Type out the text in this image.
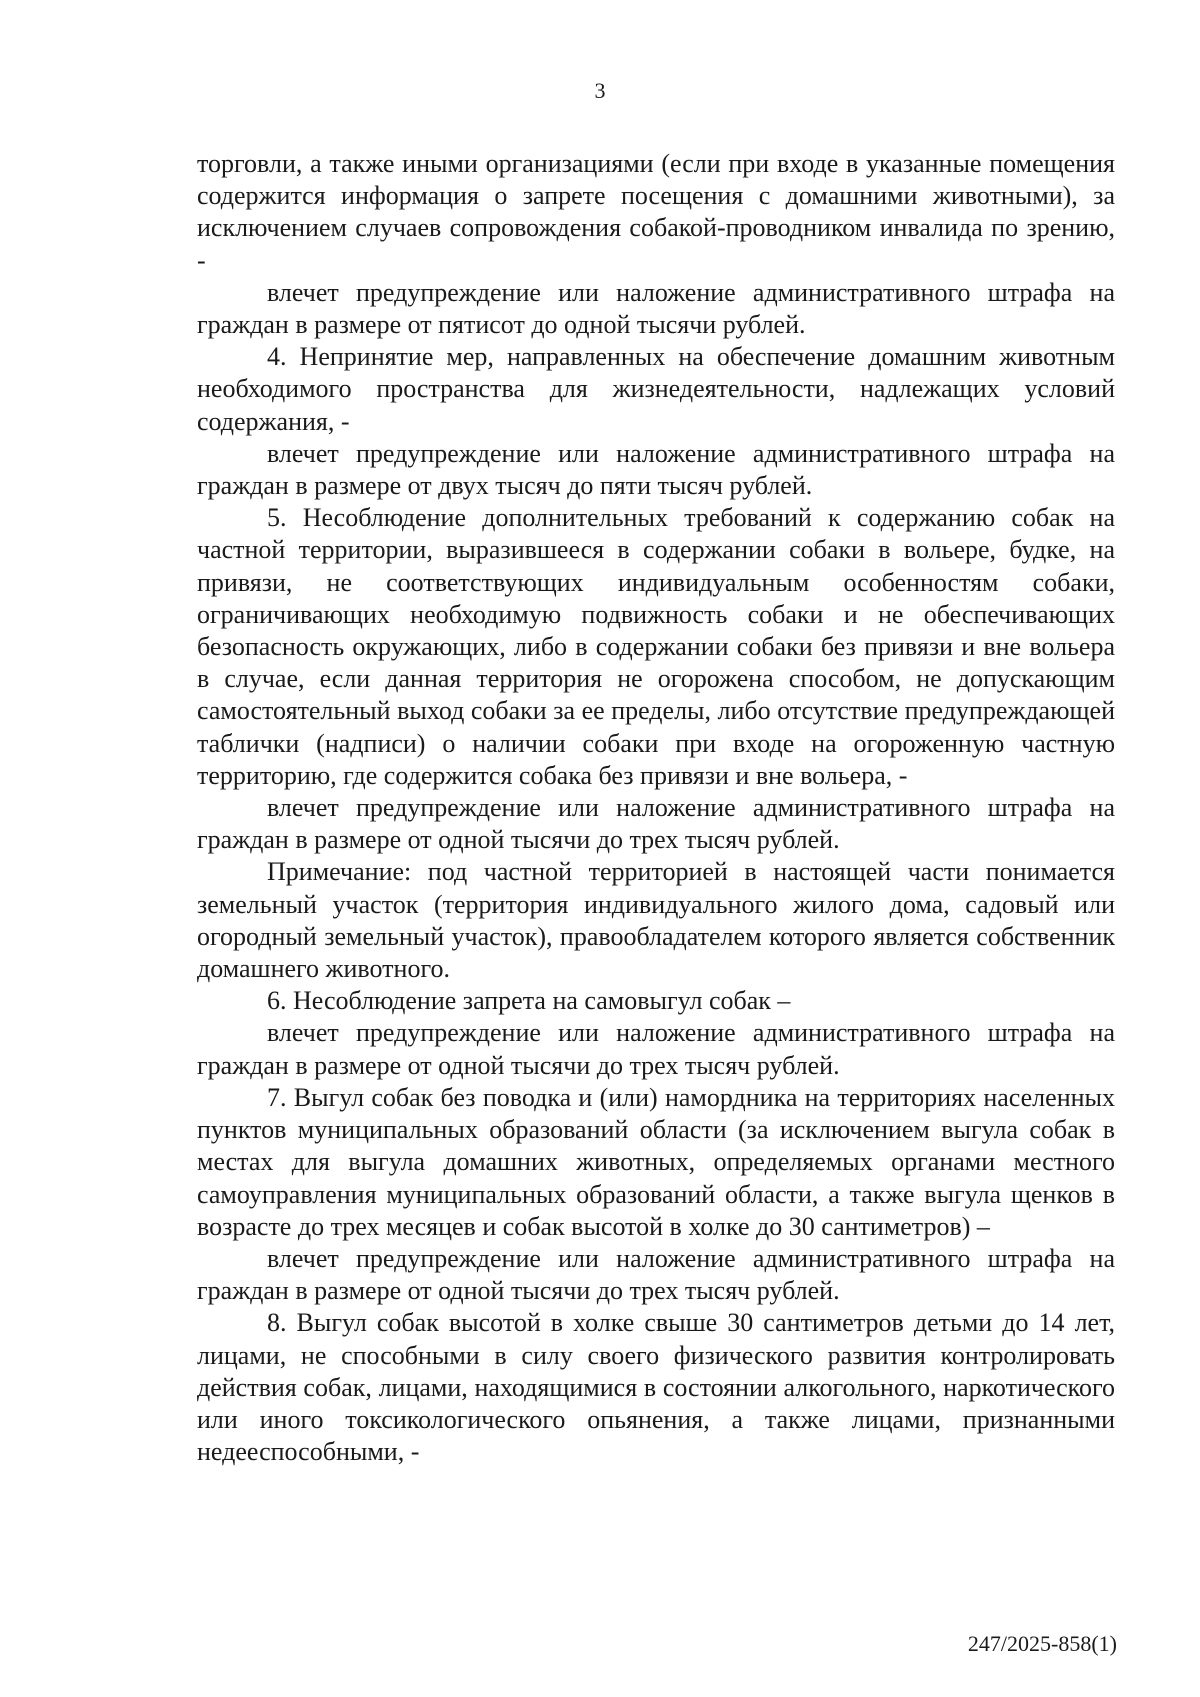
3

торговли, а также иными организациями (если при входе в указанные помещения содержится информация о запрете посещения с домашними животными), за исключением случаев сопровождения собакой-проводником инвалида по зрению, -

влечет предупреждение или наложение административного штрафа на граждан в размере от пятисот до одной тысячи рублей.

4. Непринятие мер, направленных на обеспечение домашним животным необходимого пространства для жизнедеятельности, надлежащих условий содержания, -

влечет предупреждение или наложение административного штрафа на граждан в размере от двух тысяч до пяти тысяч рублей.

5. Несоблюдение дополнительных требований к содержанию собак на частной территории, выразившееся в содержании собаки в вольере, будке, на привязи, не соответствующих индивидуальным особенностям собаки, ограничивающих необходимую подвижность собаки и не обеспечивающих безопасность окружающих, либо в содержании собаки без привязи и вне вольера в случае, если данная территория не огорожена способом, не допускающим самостоятельный выход собаки за ее пределы, либо отсутствие предупреждающей таблички (надписи) о наличии собаки при входе на огороженную частную территорию, где содержится собака без привязи и вне вольера, -

влечет предупреждение или наложение административного штрафа на граждан в размере от одной тысячи до трех тысяч рублей.

Примечание: под частной территорией в настоящей части понимается земельный участок (территория индивидуального жилого дома, садовый или огородный земельный участок), правообладателем которого является собственник домашнего животного.

6. Несоблюдение запрета на самовыгул собак –

влечет предупреждение или наложение административного штрафа на граждан в размере от одной тысячи до трех тысяч рублей.

7. Выгул собак без поводка и (или) намордника на территориях населенных пунктов муниципальных образований области (за исключением выгула собак в местах для выгула домашних животных, определяемых органами местного самоуправления муниципальных образований области, а также выгула щенков в возрасте до трех месяцев и собак высотой в холке до 30 сантиметров) –

влечет предупреждение или наложение административного штрафа на граждан в размере от одной тысячи до трех тысяч рублей.

8. Выгул собак высотой в холке свыше 30 сантиметров детьми до 14 лет, лицами, не способными в силу своего физического развития контролировать действия собак, лицами, находящимися в состоянии алкогольного, наркотического или иного токсикологического опьянения, а также лицами, признанными недееспособными, -

247/2025-858(1)
